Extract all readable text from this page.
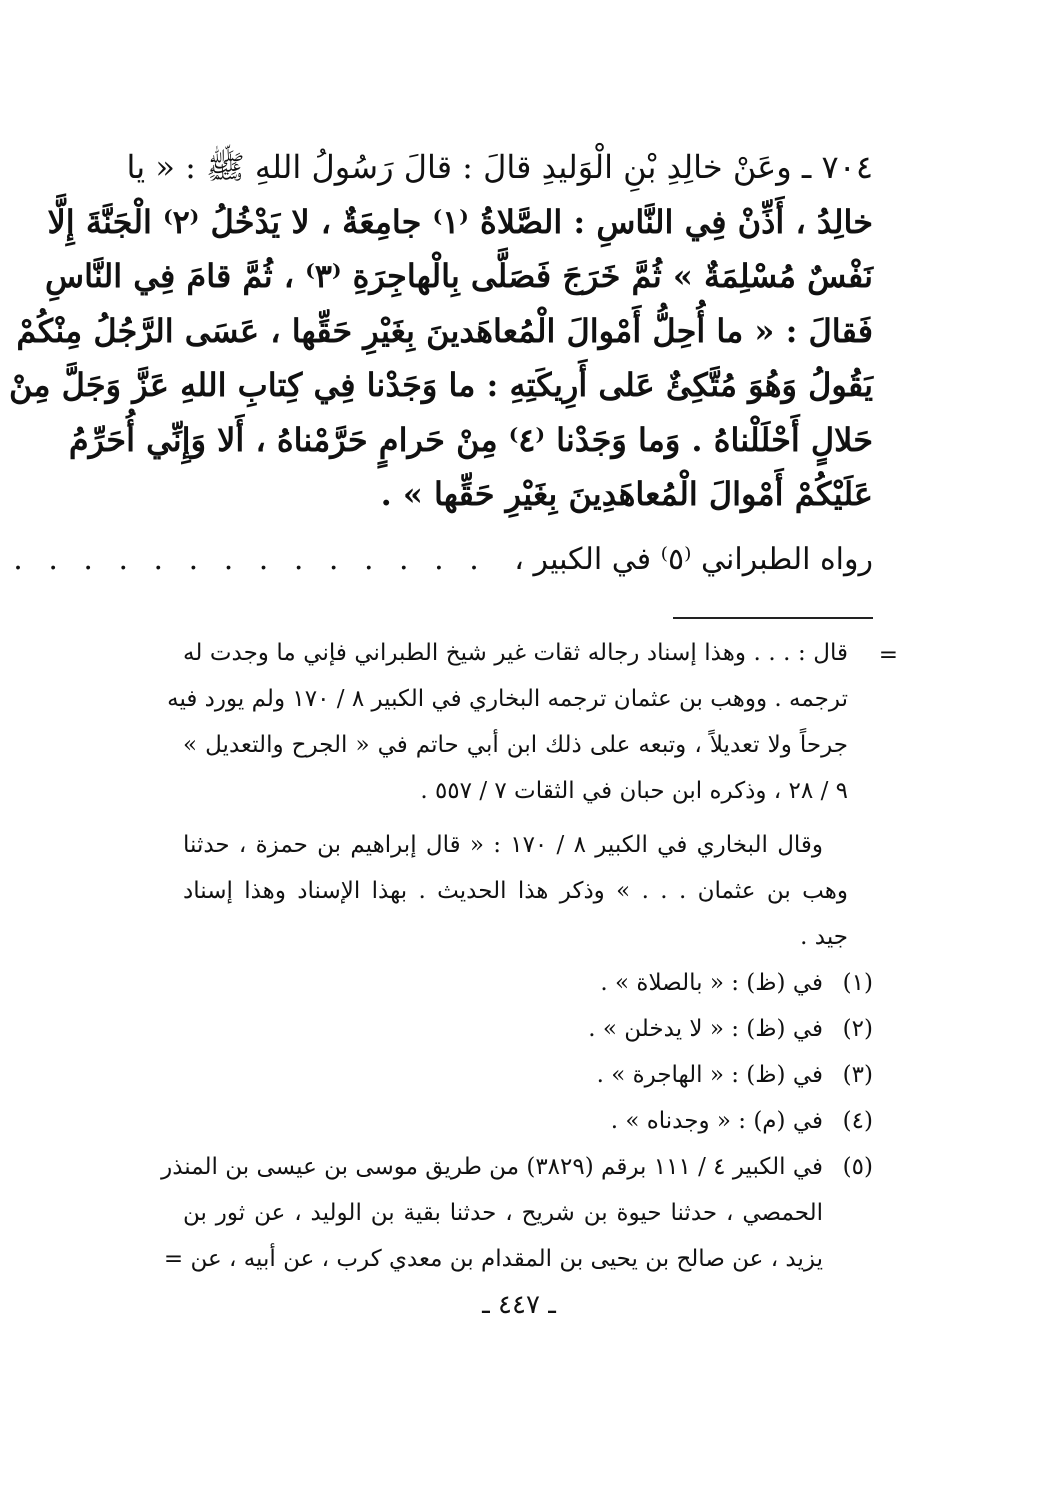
٧٠٤ ـ وعَنْ خالِدِ بْنِ الْوَليدِ قالَ : قالَ رَسُولُ اللهِ ﷺ : « يا
خالِدُ ، أَذِّنْ فِي النَّاسِ : الصَّلاةُ ⁽١⁾ جامِعَةٌ ، لا يَدْخُلُ ⁽٢⁾ الْجَنَّةَ إِلَّا
نَفْسٌ مُسْلِمَةٌ » ثُمَّ خَرَجَ فَصَلَّى بِالْهاجِرَةِ ⁽٣⁾ ، ثُمَّ قامَ فِي النَّاسِ
فَقالَ : « ما أُحِلُّ أَمْوالَ الْمُعاهَدينَ بِغَيْرِ حَقِّها ، عَسَى الرَّجُلُ مِنْكُمْ
يَقُولُ وَهُوَ مُتَّكِئٌ عَلى أَرِيكَتِهِ : ما وَجَدْنا فِي كِتابِ اللهِ عَزَّ وَجَلَّ مِنْ
حَلالٍ أَحْلَلْناهُ . وَما وَجَدْنا ⁽٤⁾ مِنْ حَرامٍ حَرَّمْناهُ ، أَلا وَإِنِّي أُحَرِّمُ
عَلَيْكُمْ أَمْوالَ الْمُعاهَدِينَ بِغَيْرِ حَقِّها » .
رواه الطبراني ⁽٥⁾ في الكبير ، . . . . . . . . . . . . . .
=
قال : . . . وهذا إسناد رجاله ثقات غير شيخ الطبراني فإني ما وجدت له
ترجمه . ووهب بن عثمان ترجمه البخاري في الكبير ٨ / ١٧٠ ولم يورد فيه
جرحاً ولا تعديلاً ، وتبعه على ذلك ابن أبي حاتم في « الجرح والتعديل »
٩ / ٢٨ ، وذكره ابن حبان في الثقات ٧ / ٥٥٧ .
وقال البخاري في الكبير ٨ / ١٧٠ : « قال إبراهيم بن حمزة ، حدثنا
وهب بن عثمان . . . » وذكر هذا الحديث . بهذا الإسناد وهذا إسناد
جيد .
(١)في (ظ) : « بالصلاة » .
(٢)في (ظ) : « لا يدخلن » .
(٣)في (ظ) : « الهاجرة » .
(٤)في (م) : « وجدناه » .
(٥)في الكبير ٤ / ١١١ برقم (٣٨٢٩) من طريق موسى بن عيسى بن المنذر
الحمصي ، حدثنا حيوة بن شريح ، حدثنا بقية بن الوليد ، عن ثور بن
يزيد ، عن صالح بن يحيى بن المقدام بن معدي كرب ، عن أبيه ، عن =
ـ ٤٤٧ ـ
